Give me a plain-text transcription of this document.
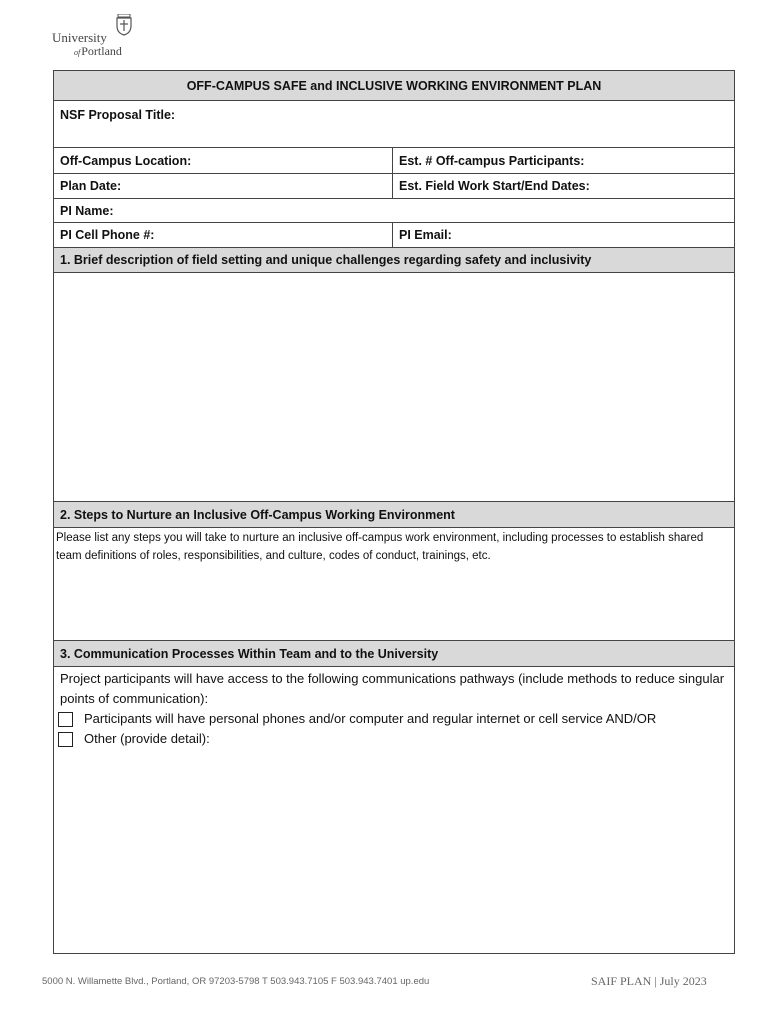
University
ofPortland
OFF-CAMPUS SAFE and INCLUSIVE WORKING ENVIRONMENT PLAN	
NSF Proposal Title:	
Off-Campus Location:	Est. # Off-campus Participants:
Plan Date:	Est. Field Work Start/End Dates:
PI Name:	
PI Cell Phone #:	PI Email:
1. Brief description of field setting and unique challenges regarding safety and inclusivity	

2. Steps to Nurture an Inclusive Off-Campus Working Environment	
Please list any steps you will take to nurture an inclusive off-campus work environment, including processes to establish shared team definitions of roles, responsibilities, and culture, codes of conduct, trainings, etc.	
3. Communication Processes Within Team and to the University	

Project participants will have access to the following communications pathways (include methods to reduce singular points of communication):
Participants will have personal phones and/or computer and regular internet or cell service AND/OR
Other (provide detail):	
5000 N. Willamette Blvd., Portland, OR 97203-5798 T 503.943.7105 F 503.943.7401 up.edu	SAIF PLAN | July 2023
